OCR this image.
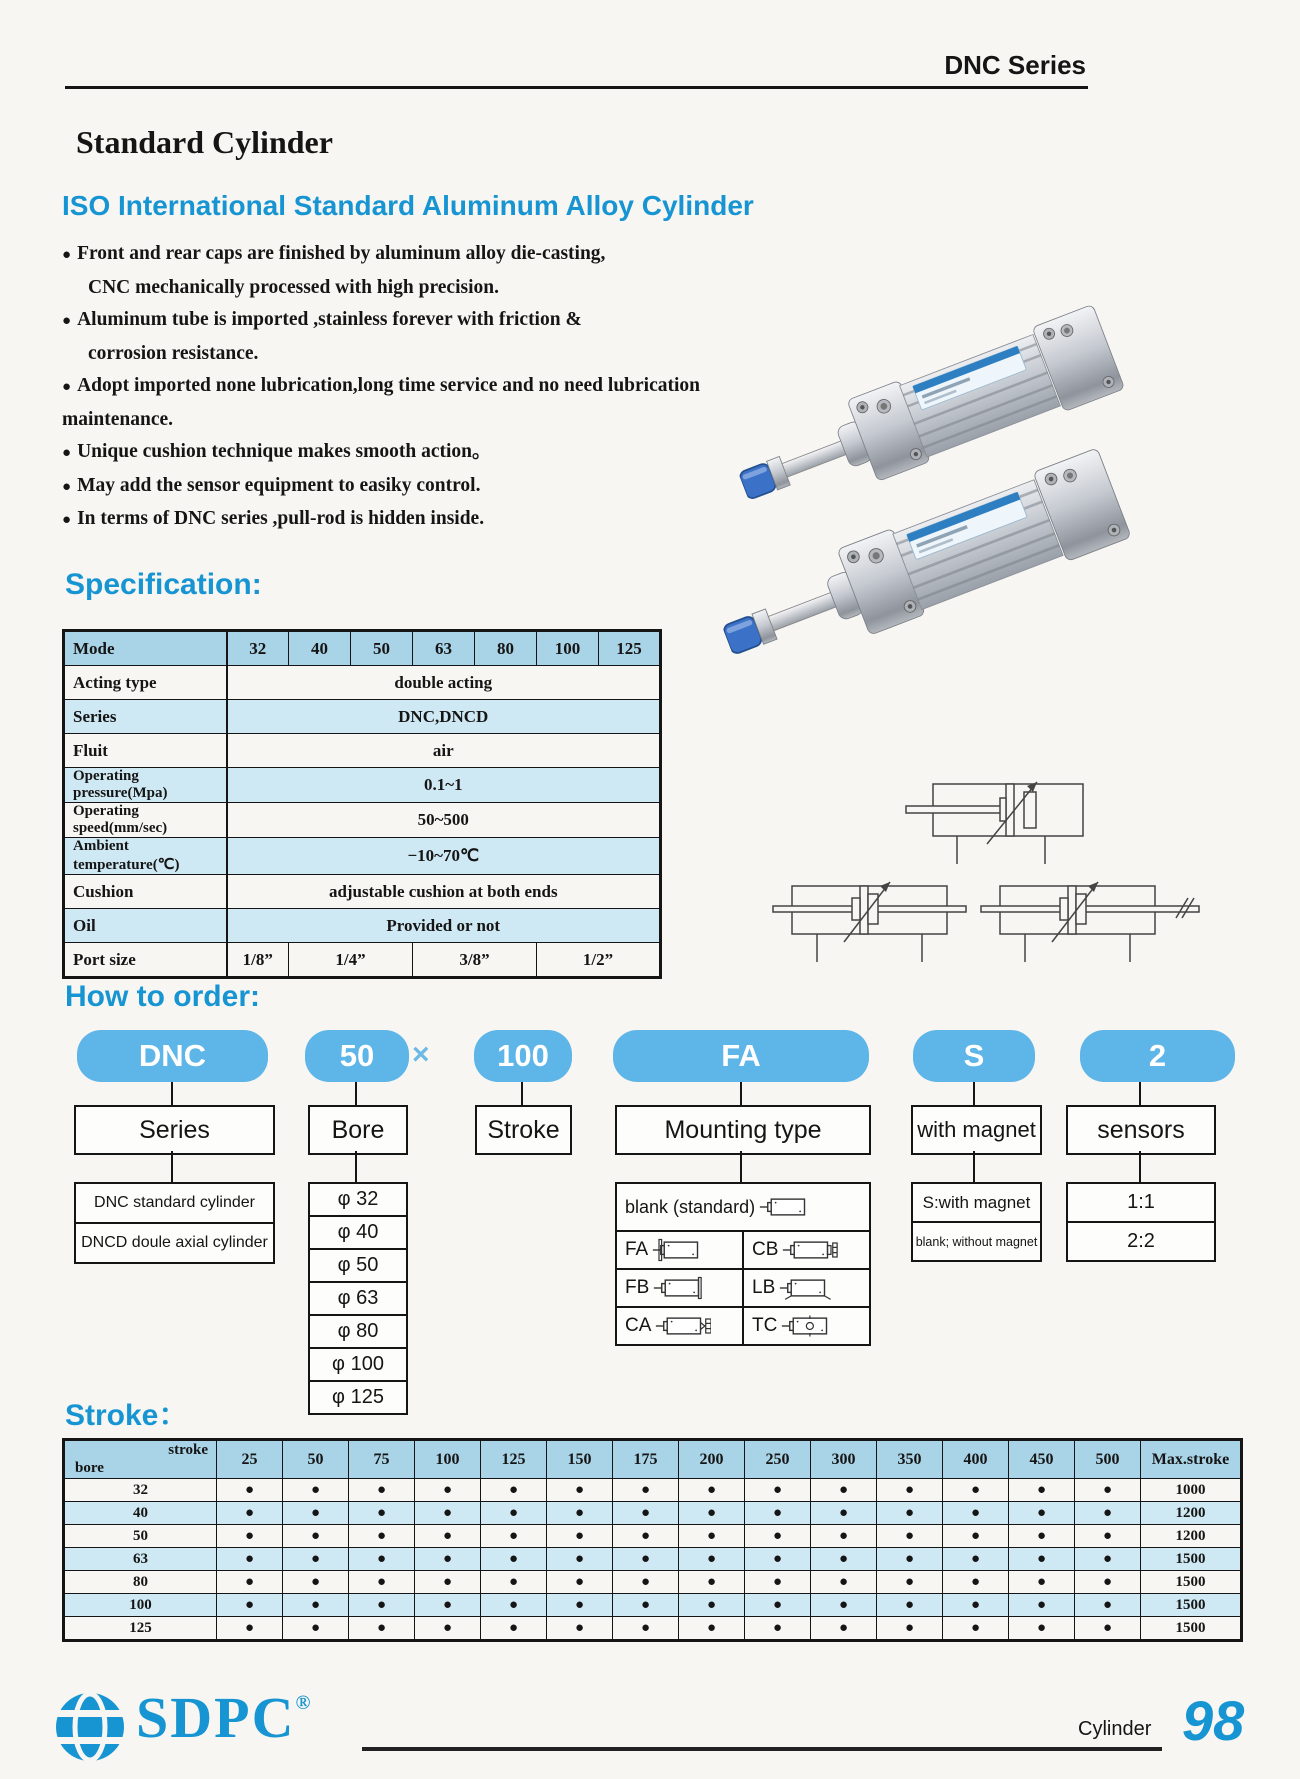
DNC Series
Standard Cylinder
ISO International Standard Aluminum Alloy Cylinder
● Front and rear caps are finished by aluminum alloy die-casting,
CNC mechanically processed with high precision.
● Aluminum tube is imported ,stainless forever with friction &
corrosion resistance.
● Adopt imported none lubrication,long time service and no need lubrication maintenance.
● Unique cushion technique makes smooth action。
● May add the sensor equipment to easiky control.
● In terms of DNC series ,pull-rod is hidden inside.
Specification:
Mode	32	40	50	63	80	100	125
Acting type	double acting						
Series	DNC,DNCD						
Fluit	air						
Operating pressure(Mpa)	0.1~1						
Operating speed(mm/sec)	50~500						
Ambient temperature(℃)	−10~70℃						
Cushion	adjustable cushion at both ends						
Oil	Provided or not						
Port size	1/8”	1/4”		3/8”		1/2”	
How to order:
DNC	50	×	100	FA	S	2
Series	Bore	Stroke	Mounting type	with magnet	sensors
DNC standard cylinder
DNCD doule axial cylinder
φ 32
φ 40
φ 50
φ 63
φ 80
φ 100
φ 125
blank (standard)
FA	CB
FB	LB
CA	TC
S:with magnet
blank; without magnet
1:1
2:2
Stroke：
stroke
bore	25	50	75	100	125	150	175	200	250	300	350	400	450	500	Max.stroke
32	●	●	●	●	●	●	●	●	●	●	●	●	●	●	1000
40	●	●	●	●	●	●	●	●	●	●	●	●	●	●	1200
50	●	●	●	●	●	●	●	●	●	●	●	●	●	●	1200
63	●	●	●	●	●	●	●	●	●	●	●	●	●	●	1500
80	●	●	●	●	●	●	●	●	●	●	●	●	●	●	1500
100	●	●	●	●	●	●	●	●	●	●	●	●	●	●	1500
125	●	●	●	●	●	●	●	●	●	●	●	●	●	●	1500
SDPC®
Cylinder 98
